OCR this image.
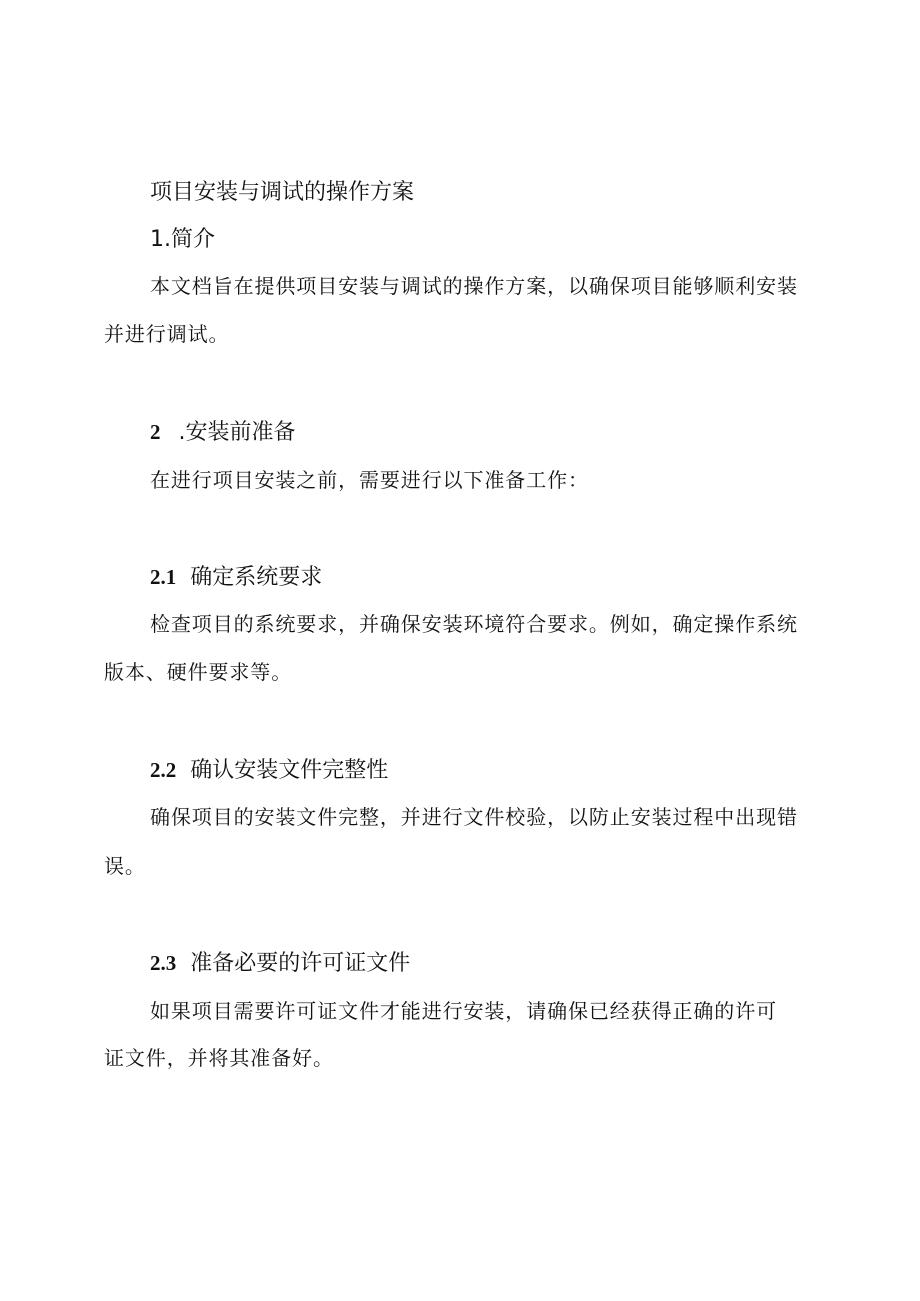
项目安装与调试的操作方案
1.简介

本文档旨在提供项目安装与调试的操作方案，以确保项目能够顺利安装

并进行调试。

2 .安装前准备

在进行项目安装之前，需要进行以下准备工作：

2.1 确定系统要求

检查项目的系统要求，并确保安装环境符合要求。例如，确定操作系统

版本、硬件要求等。

2.2 确认安装文件完整性

确保项目的安装文件完整，并进行文件校验，以防止安装过程中出现错

误。

2.3 准备必要的许可证文件

如果项目需要许可证文件才能进行安装，请确保已经获得正确的许可

证文件，并将其准备好。
